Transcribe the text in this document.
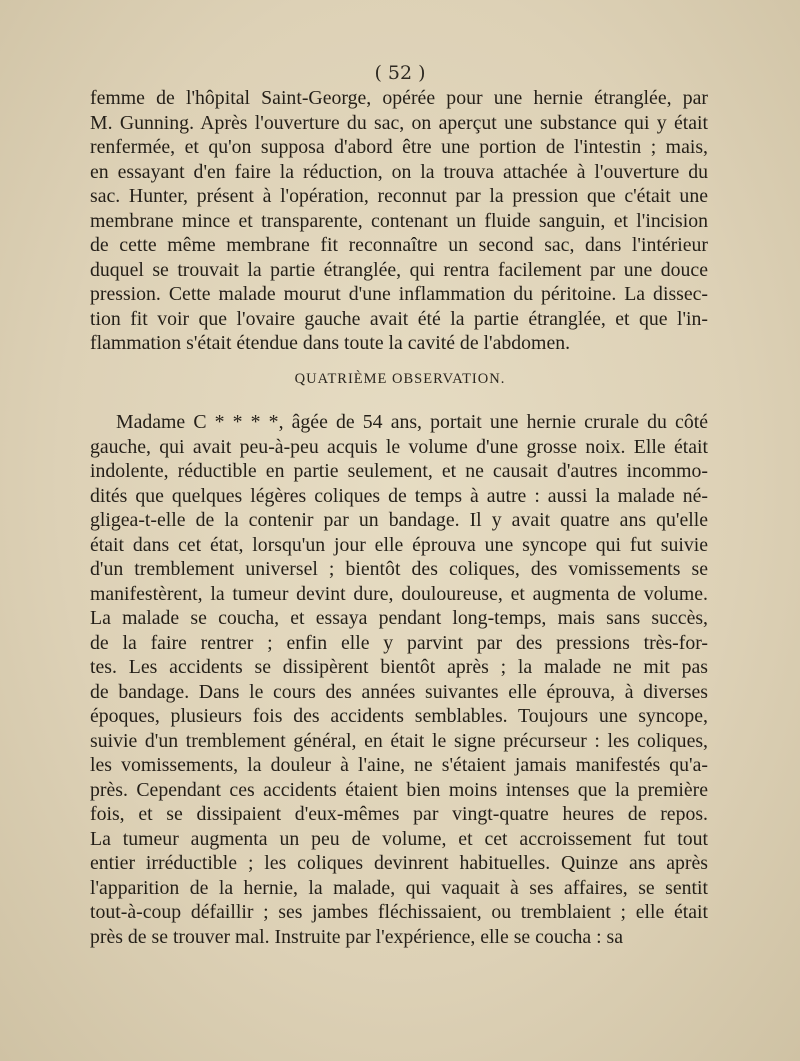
( 52 )
femme de l'hôpital Saint-George, opérée pour une hernie étranglée, par
M. Gunning. Après l'ouverture du sac, on aperçut une substance qui y était
renfermée, et qu'on supposa d'abord être une portion de l'intestin ; mais,
en essayant d'en faire la réduction, on la trouva attachée à l'ouverture du
sac. Hunter, présent à l'opération, reconnut par la pression que c'était une
membrane mince et transparente, contenant un fluide sanguin, et l'incision
de cette même membrane fit reconnaître un second sac, dans l'intérieur
duquel se trouvait la partie étranglée, qui rentra facilement par une douce
pression. Cette malade mourut d'une inflammation du péritoine. La dissec-
tion fit voir que l'ovaire gauche avait été la partie étranglée, et que l'in-
flammation s'était étendue dans toute la cavité de l'abdomen.
QUATRIÈME OBSERVATION.
Madame C * * * *, âgée de 54 ans, portait une hernie crurale du côté
gauche, qui avait peu-à-peu acquis le volume d'une grosse noix. Elle était
indolente, réductible en partie seulement, et ne causait d'autres incommo-
dités que quelques légères coliques de temps à autre : aussi la malade né-
gligea-t-elle de la contenir par un bandage. Il y avait quatre ans qu'elle
était dans cet état, lorsqu'un jour elle éprouva une syncope qui fut suivie
d'un tremblement universel ; bientôt des coliques, des vomissements se
manifestèrent, la tumeur devint dure, douloureuse, et augmenta de volume.
La malade se coucha, et essaya pendant long-temps, mais sans succès,
de la faire rentrer ; enfin elle y parvint par des pressions très-for-
tes. Les accidents se dissipèrent bientôt après ; la malade ne mit pas
de bandage. Dans le cours des années suivantes elle éprouva, à diverses
époques, plusieurs fois des accidents semblables. Toujours une syncope,
suivie d'un tremblement général, en était le signe précurseur : les coliques,
les vomissements, la douleur à l'aine, ne s'étaient jamais manifestés qu'a-
près. Cependant ces accidents étaient bien moins intenses que la première
fois, et se dissipaient d'eux-mêmes par vingt-quatre heures de repos.
La tumeur augmenta un peu de volume, et cet accroissement fut tout
entier irréductible ; les coliques devinrent habituelles. Quinze ans après
l'apparition de la hernie, la malade, qui vaquait à ses affaires, se sentit
tout-à-coup défaillir ; ses jambes fléchissaient, ou tremblaient ; elle était
près de se trouver mal. Instruite par l'expérience, elle se coucha : sa
